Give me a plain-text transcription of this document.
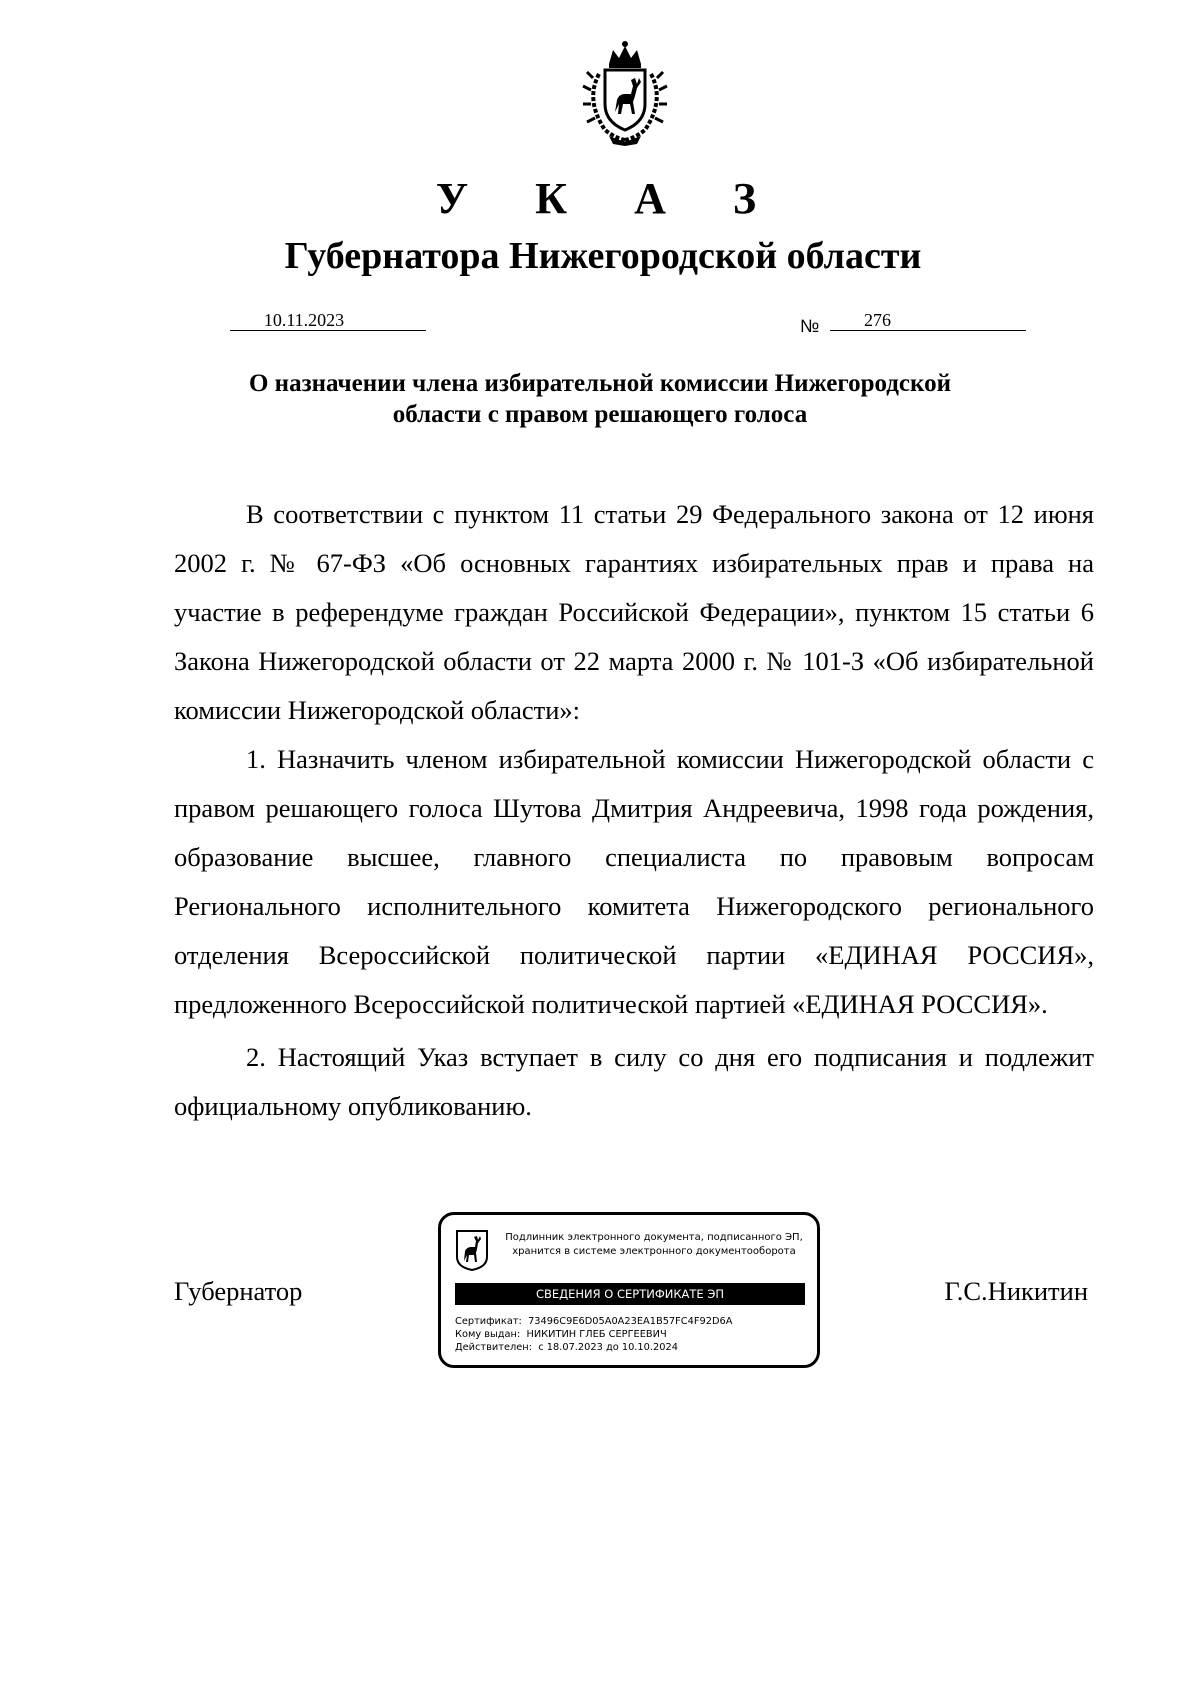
У К А З
Губернатора Нижегородской области
10.11.2023	№	276
О назначении члена избирательной комиссии Нижегородской
области с правом решающего голоса

В соответствии с пунктом 11 статьи 29 Федерального закона от 12 июня 2002 г. № 67-ФЗ «Об основных гарантиях избирательных прав и права на участие в референдуме граждан Российской Федерации», пунктом 15 статьи 6 Закона Нижегородской области от 22 марта 2000 г. № 101-З «Об избирательной комиссии Нижегородской области»:

1. Назначить членом избирательной комиссии Нижегородской области с правом решающего голоса Шутова Дмитрия Андреевича, 1998 года рождения, образование высшее, главного специалиста по правовым вопросам Регионального исполнительного комитета Нижегородского регионального отделения Всероссийской политической партии «ЕДИНАЯ РОССИЯ», предложенного Всероссийской политической партией «ЕДИНАЯ РОССИЯ».

2. Настоящий Указ вступает в силу со дня его подписания и подлежит официальному опубликованию.

Губернатор	Г.С.Никитин
Подлинник электронного документа, подписанного ЭП,
хранится в системе электронного документооборота
СВЕДЕНИЯ О СЕРТИФИКАТЕ ЭП
Сертификат: 73496C9E6D05A0A23EA1B57FC4F92D6A
Кому выдан: НИКИТИН ГЛЕБ СЕРГЕЕВИЧ
Действителен: с 18.07.2023 до 10.10.2024
